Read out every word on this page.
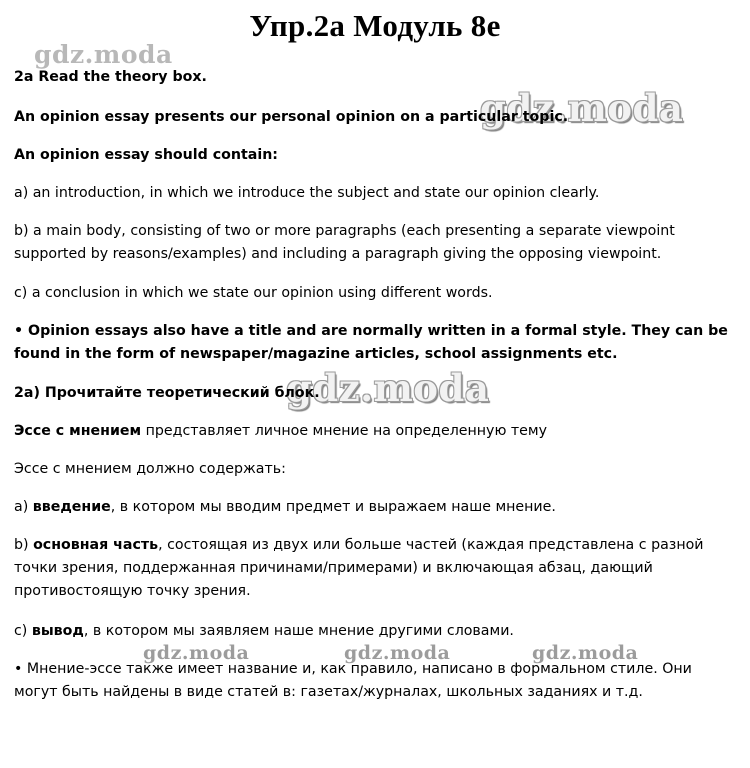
Упр.2а Модуль 8е
gdz.moda
gdz.moda
gdz.moda
gdz.moda	gdz.moda	gdz.moda
2a Read the theory box.
An opinion essay presents our personal opinion on a particular topic.
An opinion essay should contain:
a) an introduction, in which we introduce the subject and state our opinion clearly.
b) a main body, consisting of two or more paragraphs (each presenting a separate viewpoint supported by reasons/examples) and including a paragraph giving the opposing viewpoint.
c) a conclusion in which we state our opinion using different words.
• Opinion essays also have a title and are normally written in a formal style. They can be found in the form of newspaper/magazine articles, school assignments etc.
2а) Прочитайте теоретический блок.
Эссе с мнением представляет личное мнение на определенную тему
Эссе с мнением должно содержать:
а) введение, в котором мы вводим предмет и выражаем наше мнение.
b) основная часть, состоящая из двух или больше частей (каждая представлена с разной точки зрения, поддержанная причинами/примерами) и включающая абзац, дающий противостоящую точку зрения.
с) вывод, в котором мы заявляем наше мнение другими словами.
• Мнение-эссе также имеет название и, как правило, написано в формальном стиле. Они могут быть найдены в виде статей в: газетах/журналах, школьных заданиях и т.д.
